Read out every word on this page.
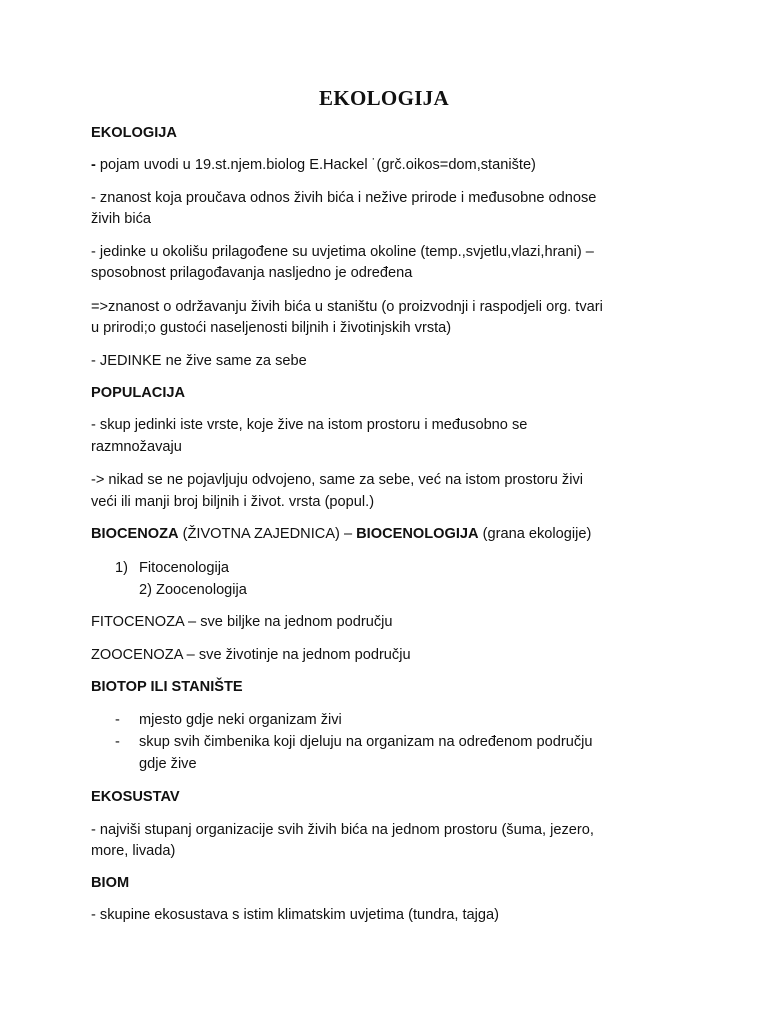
EKOLOGIJA
EKOLOGIJA
- pojam uvodi u 19.st.njem.biolog E.Hackel ˙(grč.oikos=dom,stanište)
- znanost koja proučava odnos živih bića i nežive prirode i međusobne odnose
živih bića
- jedinke u okolišu prilagođene su uvjetima okoline (temp.,svjetlu,vlazi,hrani) –
sposobnost prilagođavanja nasljedno je određena
=>znanost o održavanju živih bića u staništu (o proizvodnji i raspodjeli org. tvari
u prirodi;o gustoći naseljenosti biljnih i životinjskih vrsta)
- JEDINKE ne žive same za sebe
POPULACIJA
- skup jedinki iste vrste, koje žive na istom prostoru i međusobno se
razmnožavaju
-> nikad se ne pojavljuju odvojeno, same za sebe, već na istom prostoru živi
veći ili manji broj biljnih i život. vrsta (popul.)
BIOCENOZA (ŽIVOTNA ZAJEDNICA) – BIOCENOLOGIJA (grana ekologije)
1) Fitocenologija
2) Zoocenologija
FITOCENOZA – sve biljke na jednom području
ZOOCENOZA – sve životinje na jednom području
BIOTOP ILI STANIŠTE
- mjesto gdje neki organizam živi
- skup svih čimbenika koji djeluju na organizam na određenom području
gdje žive
EKOSUSTAV
- najviši stupanj organizacije svih živih bića na jednom prostoru (šuma, jezero,
more, livada)
BIOM
- skupine ekosustava s istim klimatskim uvjetima (tundra, tajga)
